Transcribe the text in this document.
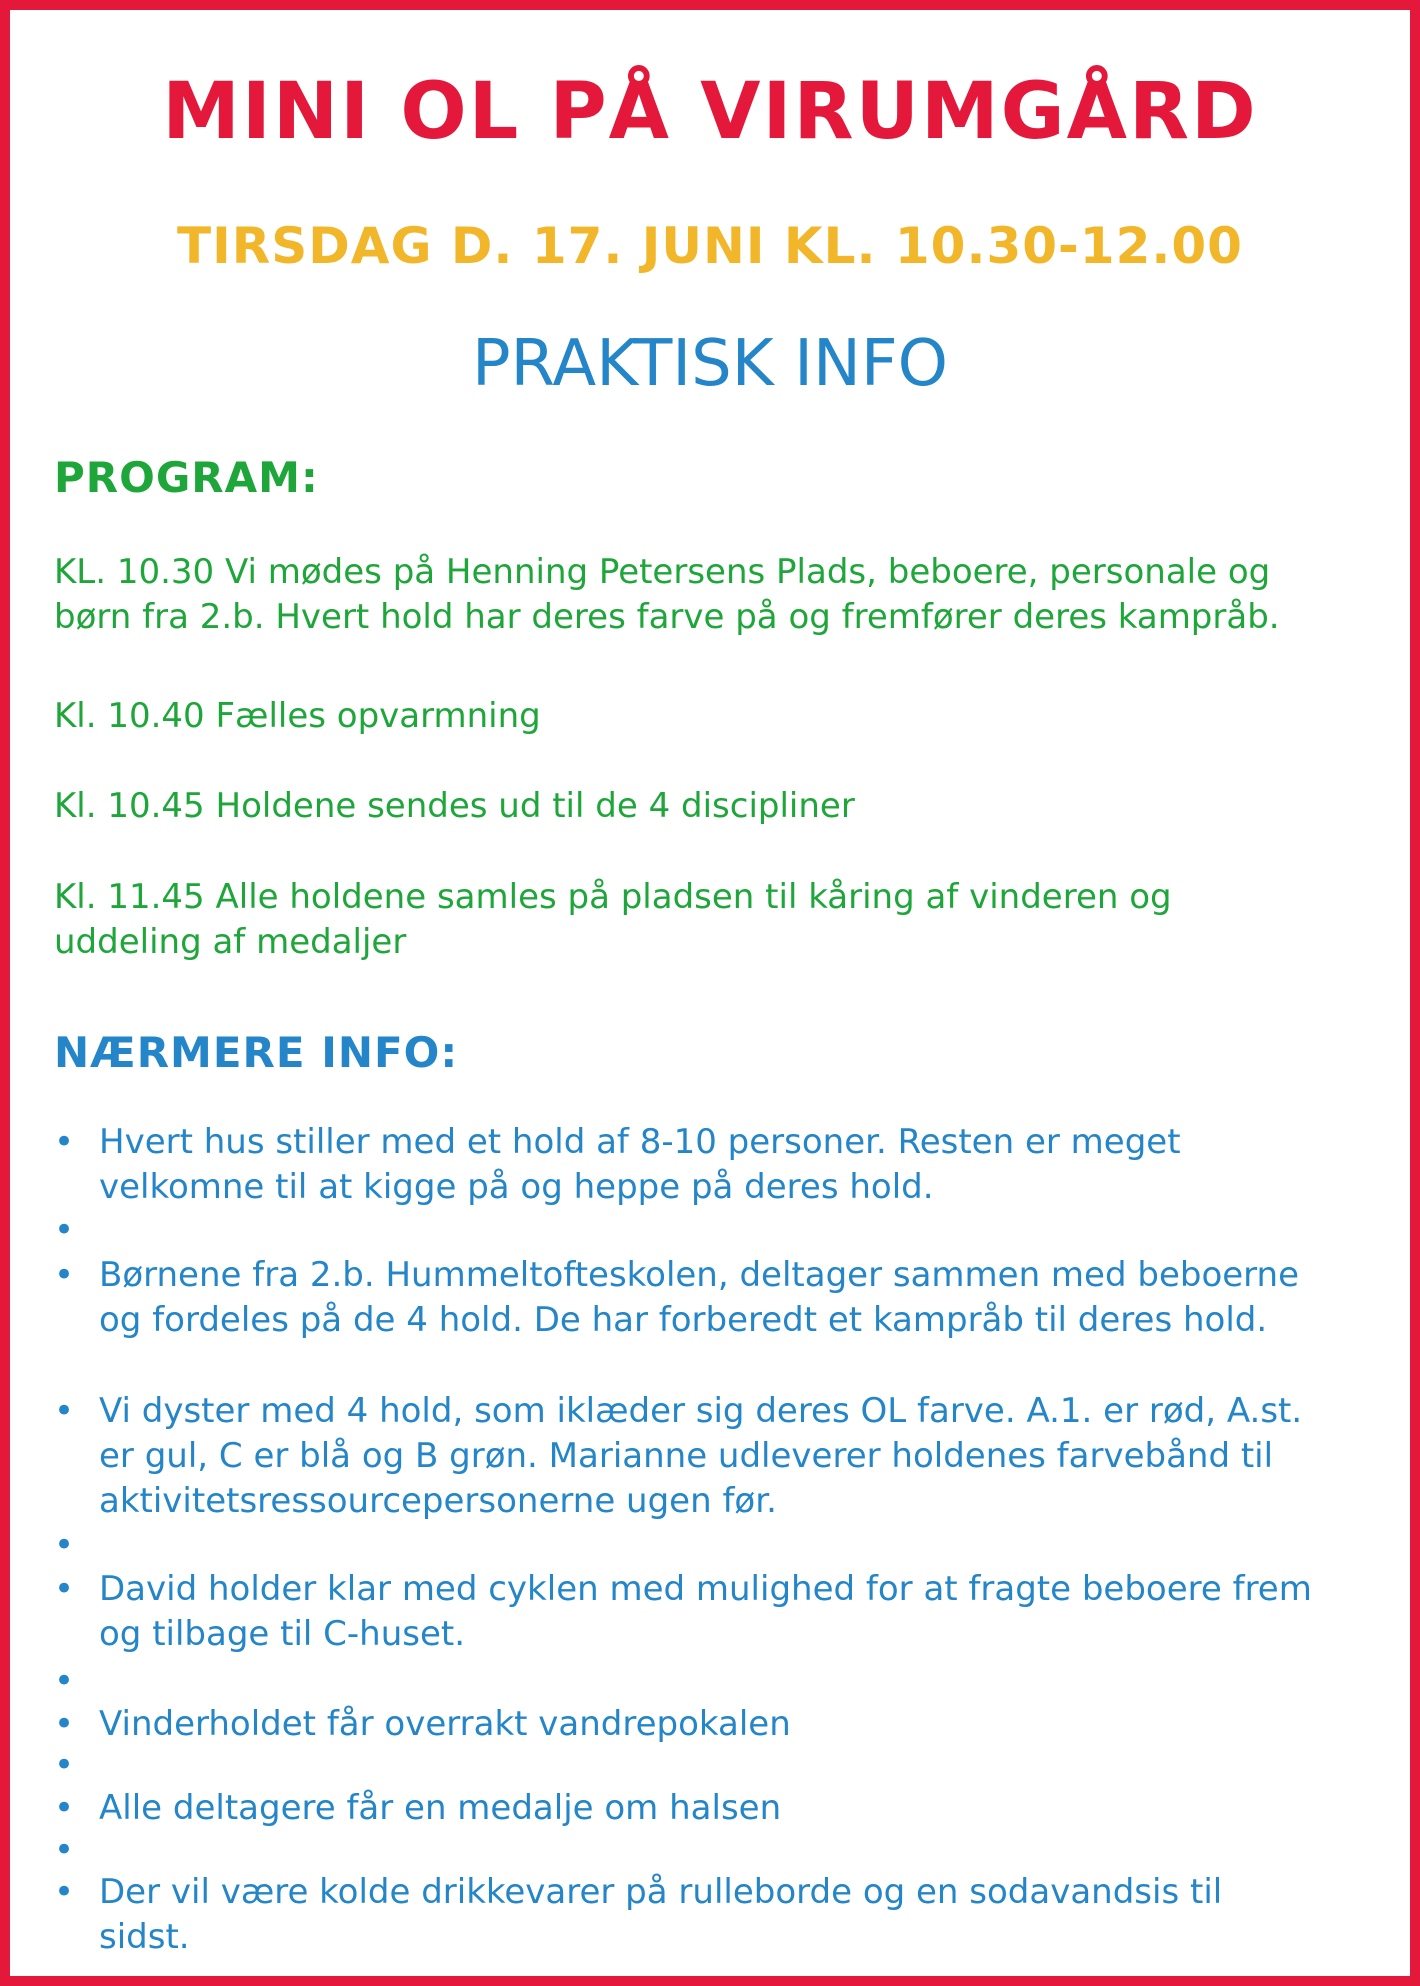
MINI OL PÅ VIRUMGÅRD
TIRSDAG D. 17. JUNI KL. 10.30-12.00
PRAKTISK INFO
PROGRAM:

KL. 10.30 Vi mødes på Henning Petersens Plads, beboere, personale og
børn fra 2.b. Hvert hold har deres farve på og fremfører deres kampråb.

Kl. 10.40 Fælles opvarmning

Kl. 10.45 Holdene sendes ud til de 4 discipliner

Kl. 11.45 Alle holdene samles på pladsen til kåring af vinderen og
uddeling af medaljer

NÆRMERE INFO:
• Hvert hus stiller med et hold af 8-10 personer. Resten er meget
velkomne til at kigge på og heppe på deres hold.
•
• Børnene fra 2.b. Hummeltofteskolen, deltager sammen med beboerne
og fordeles på de 4 hold. De har forberedt et kampråb til deres hold.
• Vi dyster med 4 hold, som iklæder sig deres OL farve. A.1. er rød, A.st.
er gul, C er blå og B grøn. Marianne udleverer holdenes farvebånd til
aktivitetsressourcepersonerne ugen før.
•
• David holder klar med cyklen med mulighed for at fragte beboere frem
og tilbage til C-huset.
•
• Vinderholdet får overrakt vandrepokalen
•
• Alle deltagere får en medalje om halsen
•
• Der vil være kolde drikkevarer på rulleborde og en sodavandsis til
sidst.
